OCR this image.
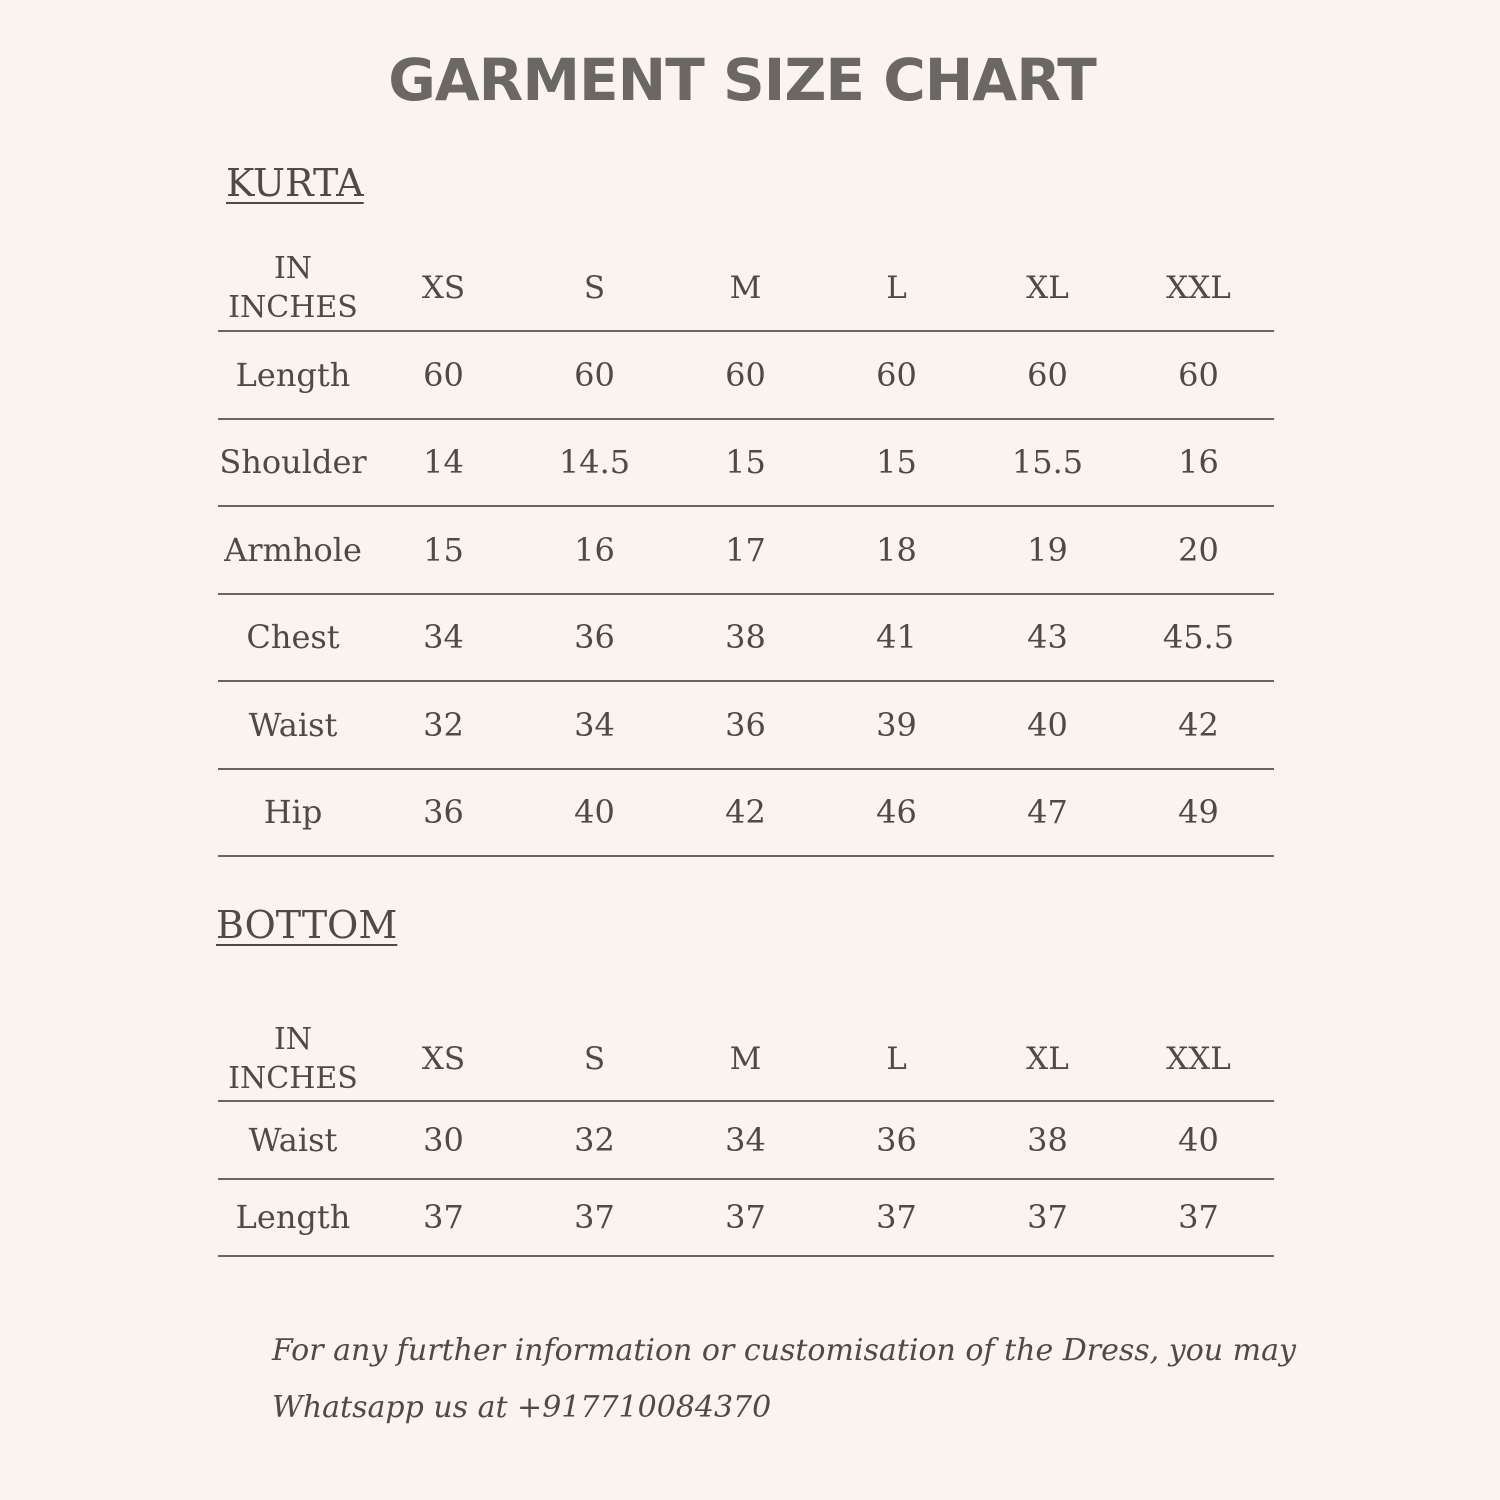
GARMENT SIZE CHART
KURTA
IN INCHES	XS	S	M	L	XL	XXL
Length	60	60	60	60	60	60
Shoulder	14	14.5	15	15	15.5	16
Armhole	15	16	17	18	19	20
Chest	34	36	38	41	43	45.5
Waist	32	34	36	39	40	42
Hip	36	40	42	46	47	49
BOTTOM
IN INCHES	XS	S	M	L	XL	XXL
Waist	30	32	34	36	38	40
Length	37	37	37	37	37	37
For any further information or customisation of the Dress, you may
Whatsapp us at +917710084370
